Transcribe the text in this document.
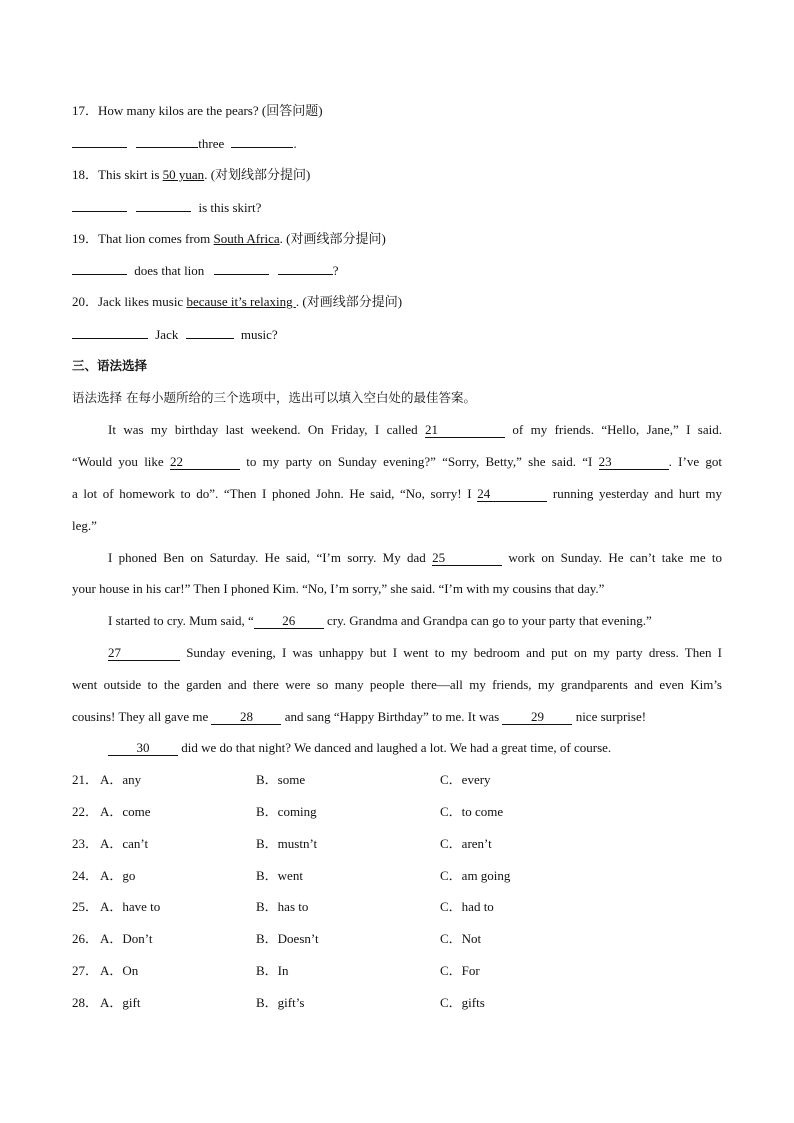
17．How many kilos are the pears? (回答问题)
three	.
18．This skirt is 50 yuan. (对划线部分提问)
is this skirt?
19．That lion comes from South Africa. (对画线部分提问)
does that lion	?
20．Jack likes music because it’s relaxing . (对画线部分提问)
Jack	music?
三、语法选择
语法选择 在每小题所给的三个选项中，选出可以填入空白处的最佳答案。
It was my birthday last weekend. On Friday, I called 21	of my friends. “Hello, Jane,” I said.
“Would you like 22	to my party on Sunday evening?” “Sorry, Betty,” she said. “I 23	. I’ve got
a lot of homework to do”. “Then I phoned John. He said, “No, sorry! I 24	running yesterday and hurt my
leg.”
I phoned Ben on Saturday. He said, “I’m sorry. My dad 25	work on Sunday. He can’t take me to
your house in his car!” Then I phoned Kim. “No, I’m sorry,” she said. “I’m with my cousins that day.”
I started to cry. Mum said, “ 26 cry. Grandma and Grandpa can go to your party that evening.”
27	Sunday evening, I was unhappy but I went to my bedroom and put on my party dress. Then I
went outside to the garden and there were so many people there—all my friends, my grandparents and even Kim’s
cousins! They all gave me 28 and sang “Happy Birthday” to me. It was 29 nice surprise!
30 did we do that night? We danced and laughed a lot. We had a great time, of course.
21． A．any	B．some	C．every
22． A．come	B．coming	C．to come
23． A．can’t	B．mustn’t	C．aren’t
24． A．go	B．went	C．am going
25． A．have to	B．has to	C．had to
26． A．Don’t	B．Doesn’t	C．Not
27． A．On	B．In	C．For
28． A．gift	B．gift’s	C．gifts
